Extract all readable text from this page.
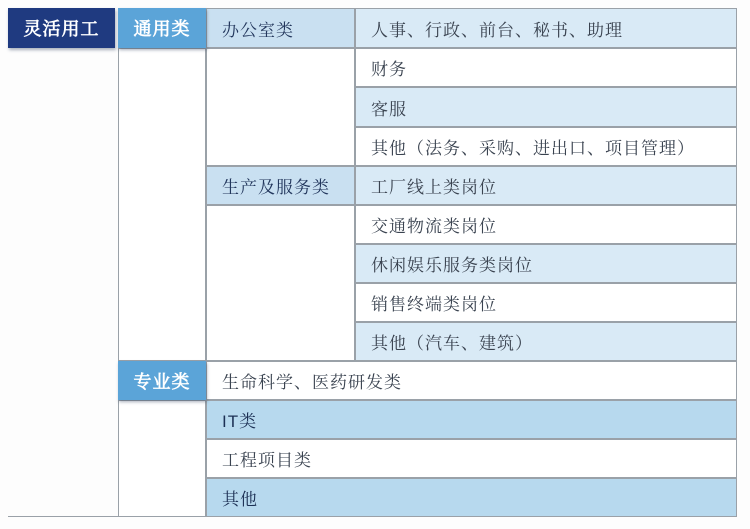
灵活用工	通用类
专业类
办公室类
生产及服务类
人事、行政、前台、秘书、助理
财务
客服
其他（法务、采购、进出口、项目管理）
工厂线上类岗位
交通物流类岗位
休闲娱乐服务类岗位
销售终端类岗位
其他（汽车、建筑）
生命科学、医药研发类
IT类
工程项目类
其他
